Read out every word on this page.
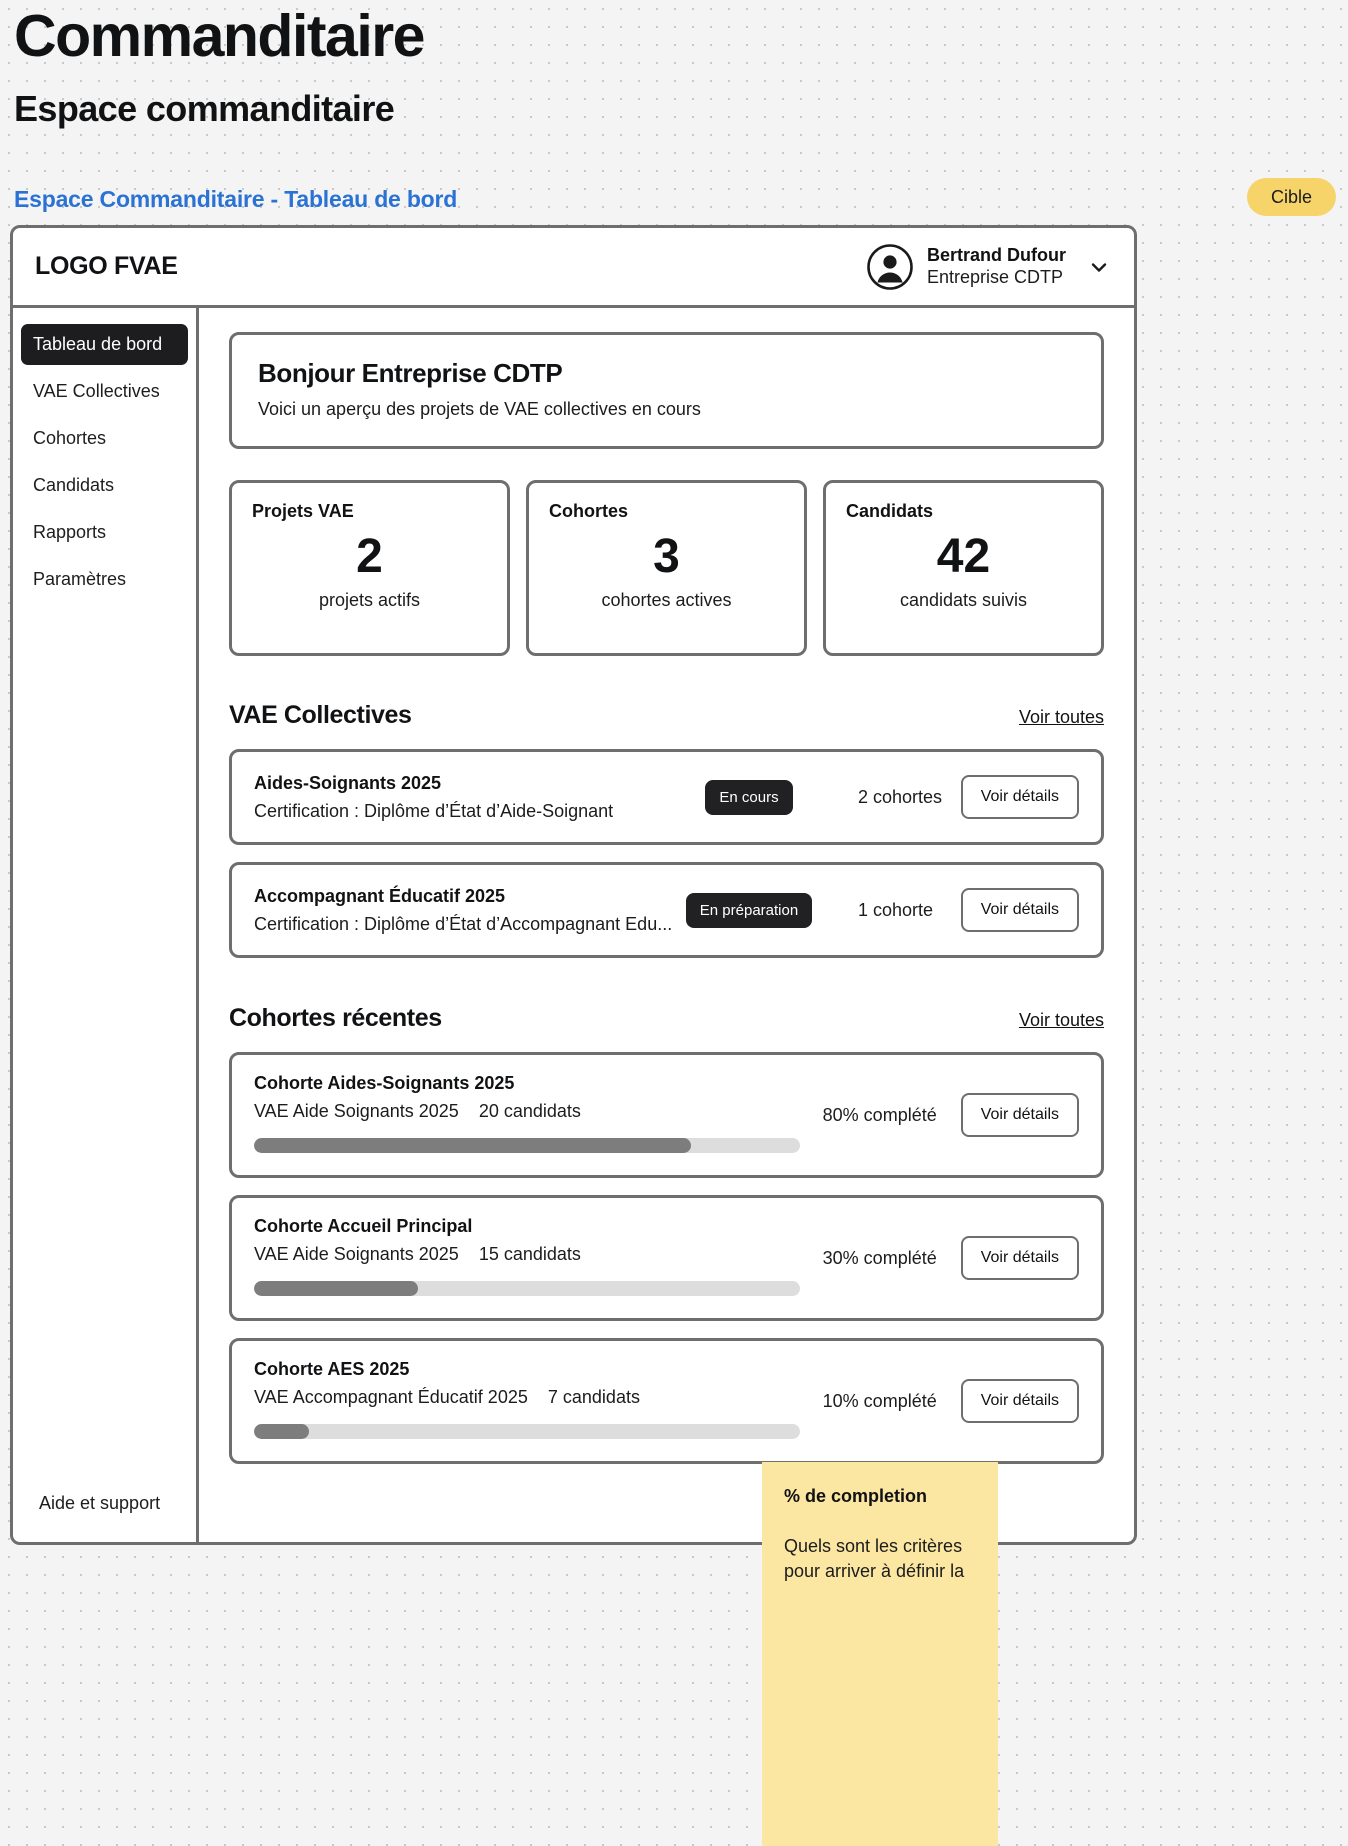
Commanditaire
Espace commanditaire
Espace Commanditaire - Tableau de bord	Cible
LOGO FVAE	Bertrand Dufour
Entreprise CDTP
Tableau de bord
VAE Collectives
Cohortes
Candidats
Rapports
Paramètres
Aide et support
Bonjour Entreprise CDTP

Voici un aperçu des projets de VAE collectives en cours

Projets VAE
2
projets actifs
Cohortes
3
cohortes actives
Candidats
42
candidats suivis
VAE Collectives	Voir toutes
Aides-Soignants 2025
Certification : Diplôme d’État d’Aide-Soignant
En cours	2 cohortes	Voir détails
Accompagnant Éducatif 2025
Certification : Diplôme d’État d’Accompagnant Edu...
En préparation	1 cohorte	Voir détails
Cohortes récentes	Voir toutes
Cohorte Aides-Soignants 2025
VAE Aide Soignants 2025 20 candidats	80% complété	Voir détails
Cohorte Accueil Principal
VAE Aide Soignants 2025 15 candidats	30% complété	Voir détails
Cohorte AES 2025
VAE Accompagnant Éducatif 2025 7 candidats	10% complété	Voir détails
% de completion
Quels sont les critères pour arriver à définir la
